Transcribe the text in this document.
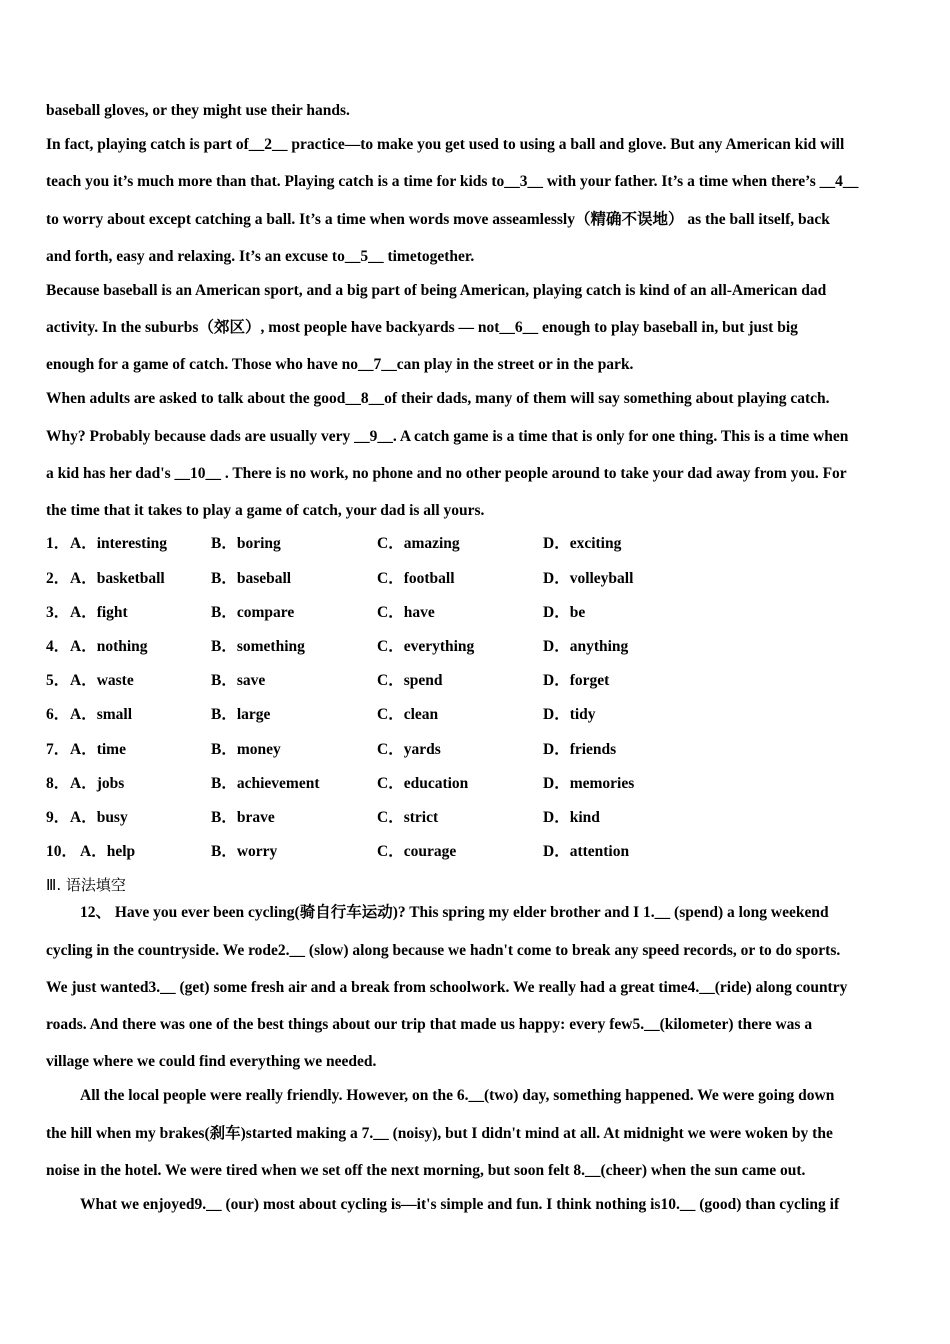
baseball gloves, or they might use their hands.
In fact, playing catch is part of__2__ practice—to make you get used to using a ball and glove. But any American kid will
teach you it’s much more than that. Playing catch is a time for kids to__3__ with your father. It’s a time when there’s __4__
to worry about except catching a ball. It’s a time when words move asseamlessly（精确不误地） as the ball itself, back
and forth, easy and relaxing. It’s an excuse to__5__ timetogether.
Because baseball is an American sport, and a big part of being American, playing catch is kind of an all-American dad
activity. In the suburbs（郊区）, most people have backyards — not__6__ enough to play baseball in, but just big
enough for a game of catch. Those who have no__7__can play in the street or in the park.
When adults are asked to talk about the good__8__of their dads, many of them will say something about playing catch.
Why? Probably because dads are usually very __9__. A catch game is a time that is only for one thing. This is a time when
a kid has her dad's __10__ . There is no work, no phone and no other people around to take your dad away from you. For
the time that it takes to play a game of catch, your dad is all yours.
1． A．interesting	B．boring	C．amazing	D．exciting
2． A．basketball	B．baseball	C．football	D．volleyball
3． A．fight	B．compare	C．have	D．be
4． A．nothing	B．something	C．everything	D．anything
5． A．waste	B．save	C．spend	D．forget
6． A．small	B．large	C．clean	D．tidy
7． A．time	B．money	C．yards	D．friends
8． A．jobs	B．achievement	C．education	D．memories
9． A．busy	B．brave	C．strict	D．kind
10． A．help	B．worry	C．courage	D．attention
Ⅲ. 语法填空
12、 Have you ever been cycling(骑自行车运动)? This spring my elder brother and I 1.__ (spend) a long weekend
cycling in the countryside. We rode2.__ (slow) along because we hadn't come to break any speed records, or to do sports.
We just wanted3.__ (get) some fresh air and a break from schoolwork. We really had a great time4.__(ride) along country
roads. And there was one of the best things about our trip that made us happy: every few5.__(kilometer) there was a
village where we could find everything we needed.
All the local people were really friendly. However, on the 6.__(two) day, something happened. We were going down
the hill when my brakes(刹车)started making a 7.__ (noisy), but I didn't mind at all. At midnight we were woken by the
noise in the hotel. We were tired when we set off the next morning, but soon felt 8.__(cheer) when the sun came out.
What we enjoyed9.__ (our) most about cycling is—it's simple and fun. I think nothing is10.__ (good) than cycling if
